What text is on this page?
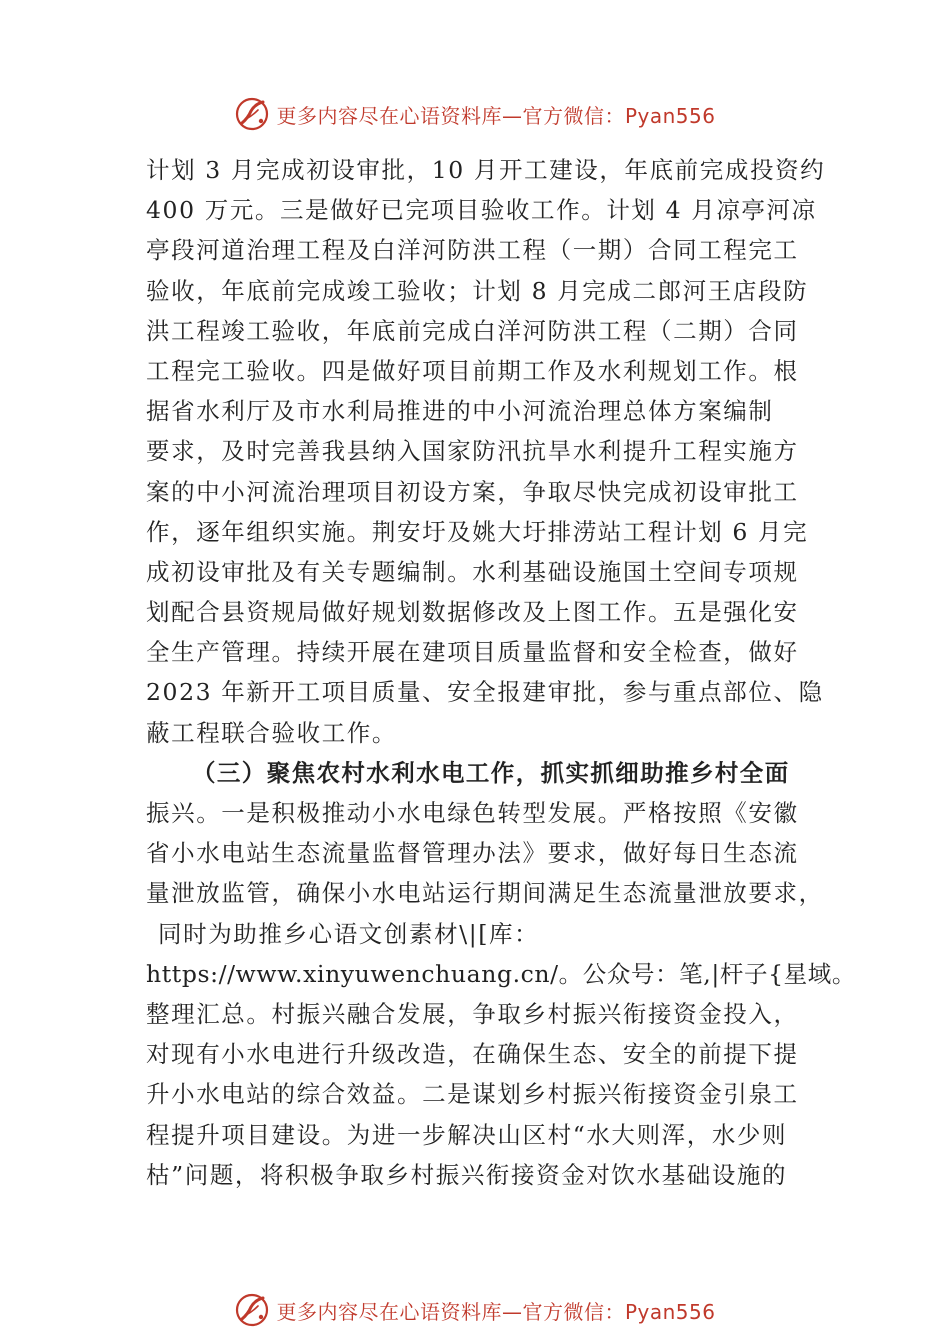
更多内容尽在心语资料库—官方微信：Pyan556
计划 3 月完成初设审批，10 月开工建设，年底前完成投资约
400 万元。三是做好已完项目验收工作。计划 4 月凉亭河凉
亭段河道治理工程及白洋河防洪工程（一期）合同工程完工
验收，年底前完成竣工验收；计划 8 月完成二郎河王店段防
洪工程竣工验收，年底前完成白洋河防洪工程（二期）合同
工程完工验收。四是做好项目前期工作及水利规划工作。根
据省水利厅及市水利局推进的中小河流治理总体方案编制
要求，及时完善我县纳入国家防汛抗旱水利提升工程实施方
案的中小河流治理项目初设方案，争取尽快完成初设审批工
作，逐年组织实施。荆安圩及姚大圩排涝站工程计划 6 月完
成初设审批及有关专题编制。水利基础设施国土空间专项规
划配合县资规局做好规划数据修改及上图工作。五是强化安
全生产管理。持续开展在建项目质量监督和安全检查，做好
2023 年新开工项目质量、安全报建审批，参与重点部位、隐
蔽工程联合验收工作。
（三）聚焦农村水利水电工作，抓实抓细助推乡村全面
振兴。一是积极推动小水电绿色转型发展。严格按照《安徽
省小水电站生态流量监督管理办法》要求，做好每日生态流
量泄放监管，确保小水电站运行期间满足生态流量泄放要求，
同时为助推乡心语文创素材\|[库：
https://www.xinyuwenchuang.cn/。公众号：笔,|杆子{星域。
整理汇总。村振兴融合发展，争取乡村振兴衔接资金投入，
对现有小水电进行升级改造，在确保生态、安全的前提下提
升小水电站的综合效益。二是谋划乡村振兴衔接资金引泉工
程提升项目建设。为进一步解决山区村“水大则浑，水少则
枯”问题，将积极争取乡村振兴衔接资金对饮水基础设施的
更多内容尽在心语资料库—官方微信：Pyan556
